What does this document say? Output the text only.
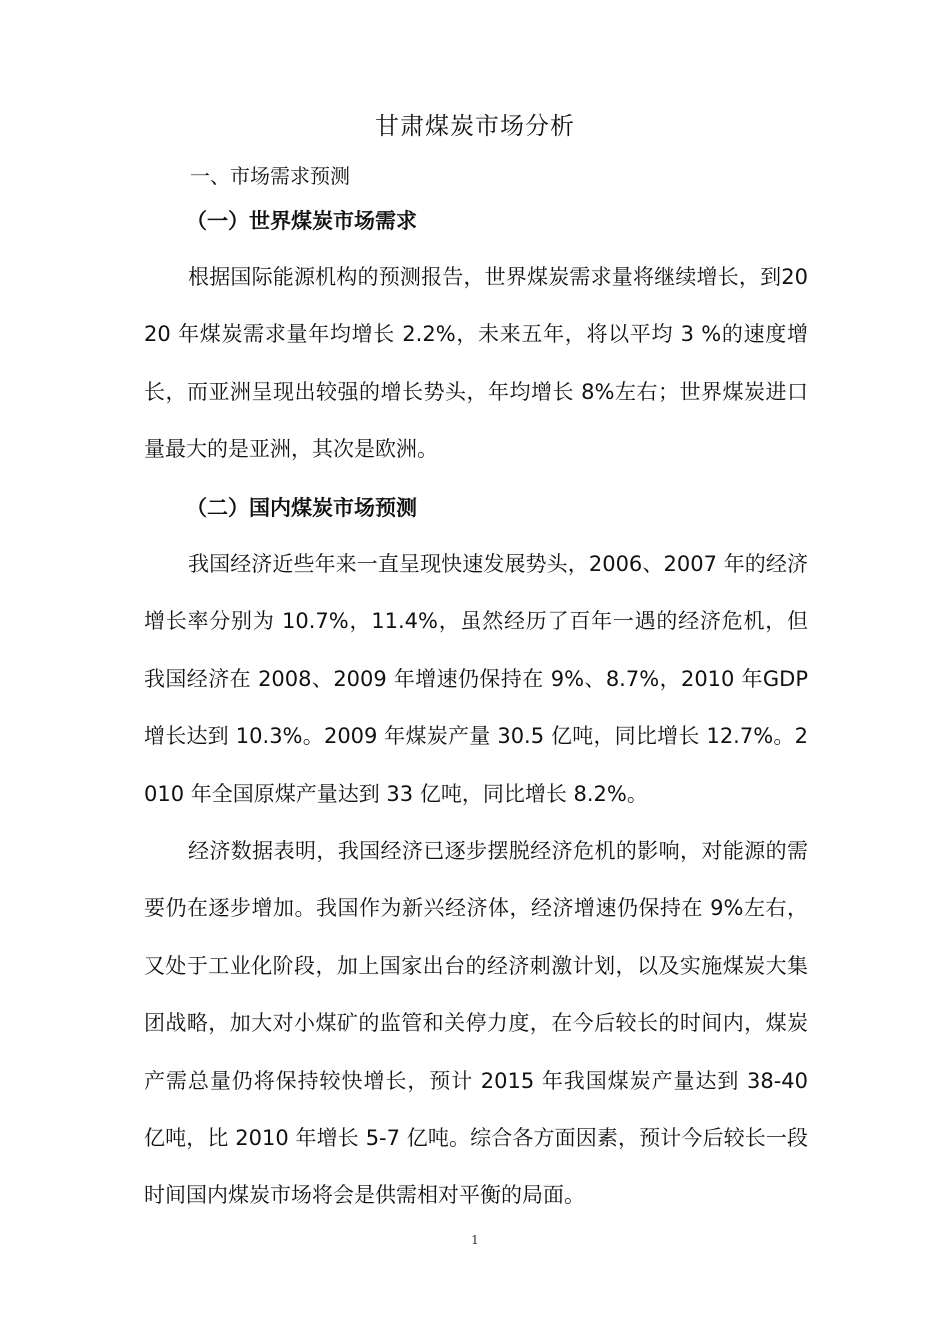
甘肃煤炭市场分析
一、市场需求预测
（一）世界煤炭市场需求

根据国际能源机构的预测报告，世界煤炭需求量将继续增长，到2020 年煤炭需求量年均增长 2.2%，未来五年，将以平均 3 %的速度增长，而亚洲呈现出较强的增长势头，年均增长 8%左右；世界煤炭进口量最大的是亚洲，其次是欧洲。

（二）国内煤炭市场预测

我国经济近些年来一直呈现快速发展势头，2006、2007 年的经济增长率分别为 10.7%，11.4%，虽然经历了百年一遇的经济危机，但我国经济在 2008、2009 年增速仍保持在 9%、8.7%，2010 年GDP 增长达到 10.3%。2009 年煤炭产量 30.5 亿吨，同比增长 12.7%。2010 年全国原煤产量达到 33 亿吨，同比增长 8.2%。

经济数据表明，我国经济已逐步摆脱经济危机的影响，对能源的需要仍在逐步增加。我国作为新兴经济体，经济增速仍保持在 9%左右，又处于工业化阶段，加上国家出台的经济刺激计划，以及实施煤炭大集团战略，加大对小煤矿的监管和关停力度，在今后较长的时间内，煤炭产需总量仍将保持较快增长，预计 2015 年我国煤炭产量达到 38-40 亿吨，比 2010 年增长 5-7 亿吨。综合各方面因素，预计今后较长一段时间国内煤炭市场将会是供需相对平衡的局面。

1
